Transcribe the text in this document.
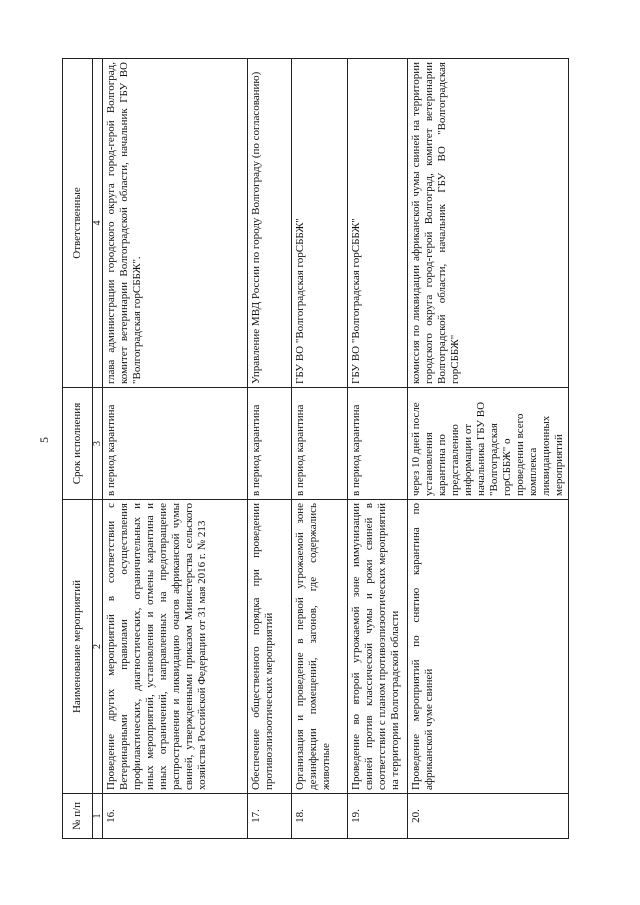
5
№ п/п	Наименование мероприятий	Срок исполнения	Ответственные
1	2	3	4
16.	Проведение других мероприятий в соответствии с Ветеринарными правилами осуществления профилактических, диагностических, ограничительных и иных мероприятий, установления и отмены карантина и иных ограничений, направленных на предотвращение распространения и ликвидацию очагов африканской чумы свиней, утвержденными приказом Министерства сельского хозяйства Российской Федерации от 31 мая 2016 г. № 213	в период карантина	глава администрации городского округа город-герой Волгоград, комитет ветеринарии Волгоградской области, начальник ГБУ ВО "Волгоградская горСББЖ".
17.	Обеспечение общественного порядка при проведении противоэпизоотических мероприятий	в период карантина	Управление МВД России по городу Волгограду (по согласованию)
18.	Организация и проведение в первой угрожаемой зоне дезинфекции помещений, загонов, где содержались животные	в период карантина	ГБУ ВО "Волгоградская горСББЖ"
19.	Проведение во второй угрожаемой зоне иммунизации свиней против классической чумы и рожи свиней в соответствии с планом противоэпизоотических мероприятий на территории Волгоградской области	в период карантина	ГБУ ВО "Волгоградская горСББЖ"
20.	Проведение мероприятий по снятию карантина по африканской чуме свиней	через 10 дней после установления карантина по представлению информации от начальника ГБУ ВО "Волгоградская горСББЖ" о проведении всего комплекса ликвидационных мероприятий	комиссия по ликвидации африканской чумы свиней на территории городского округа город-герой Волгоград, комитет ветеринарии Волгоградской области, начальник ГБУ ВО "Волгоградская горСББЖ"
